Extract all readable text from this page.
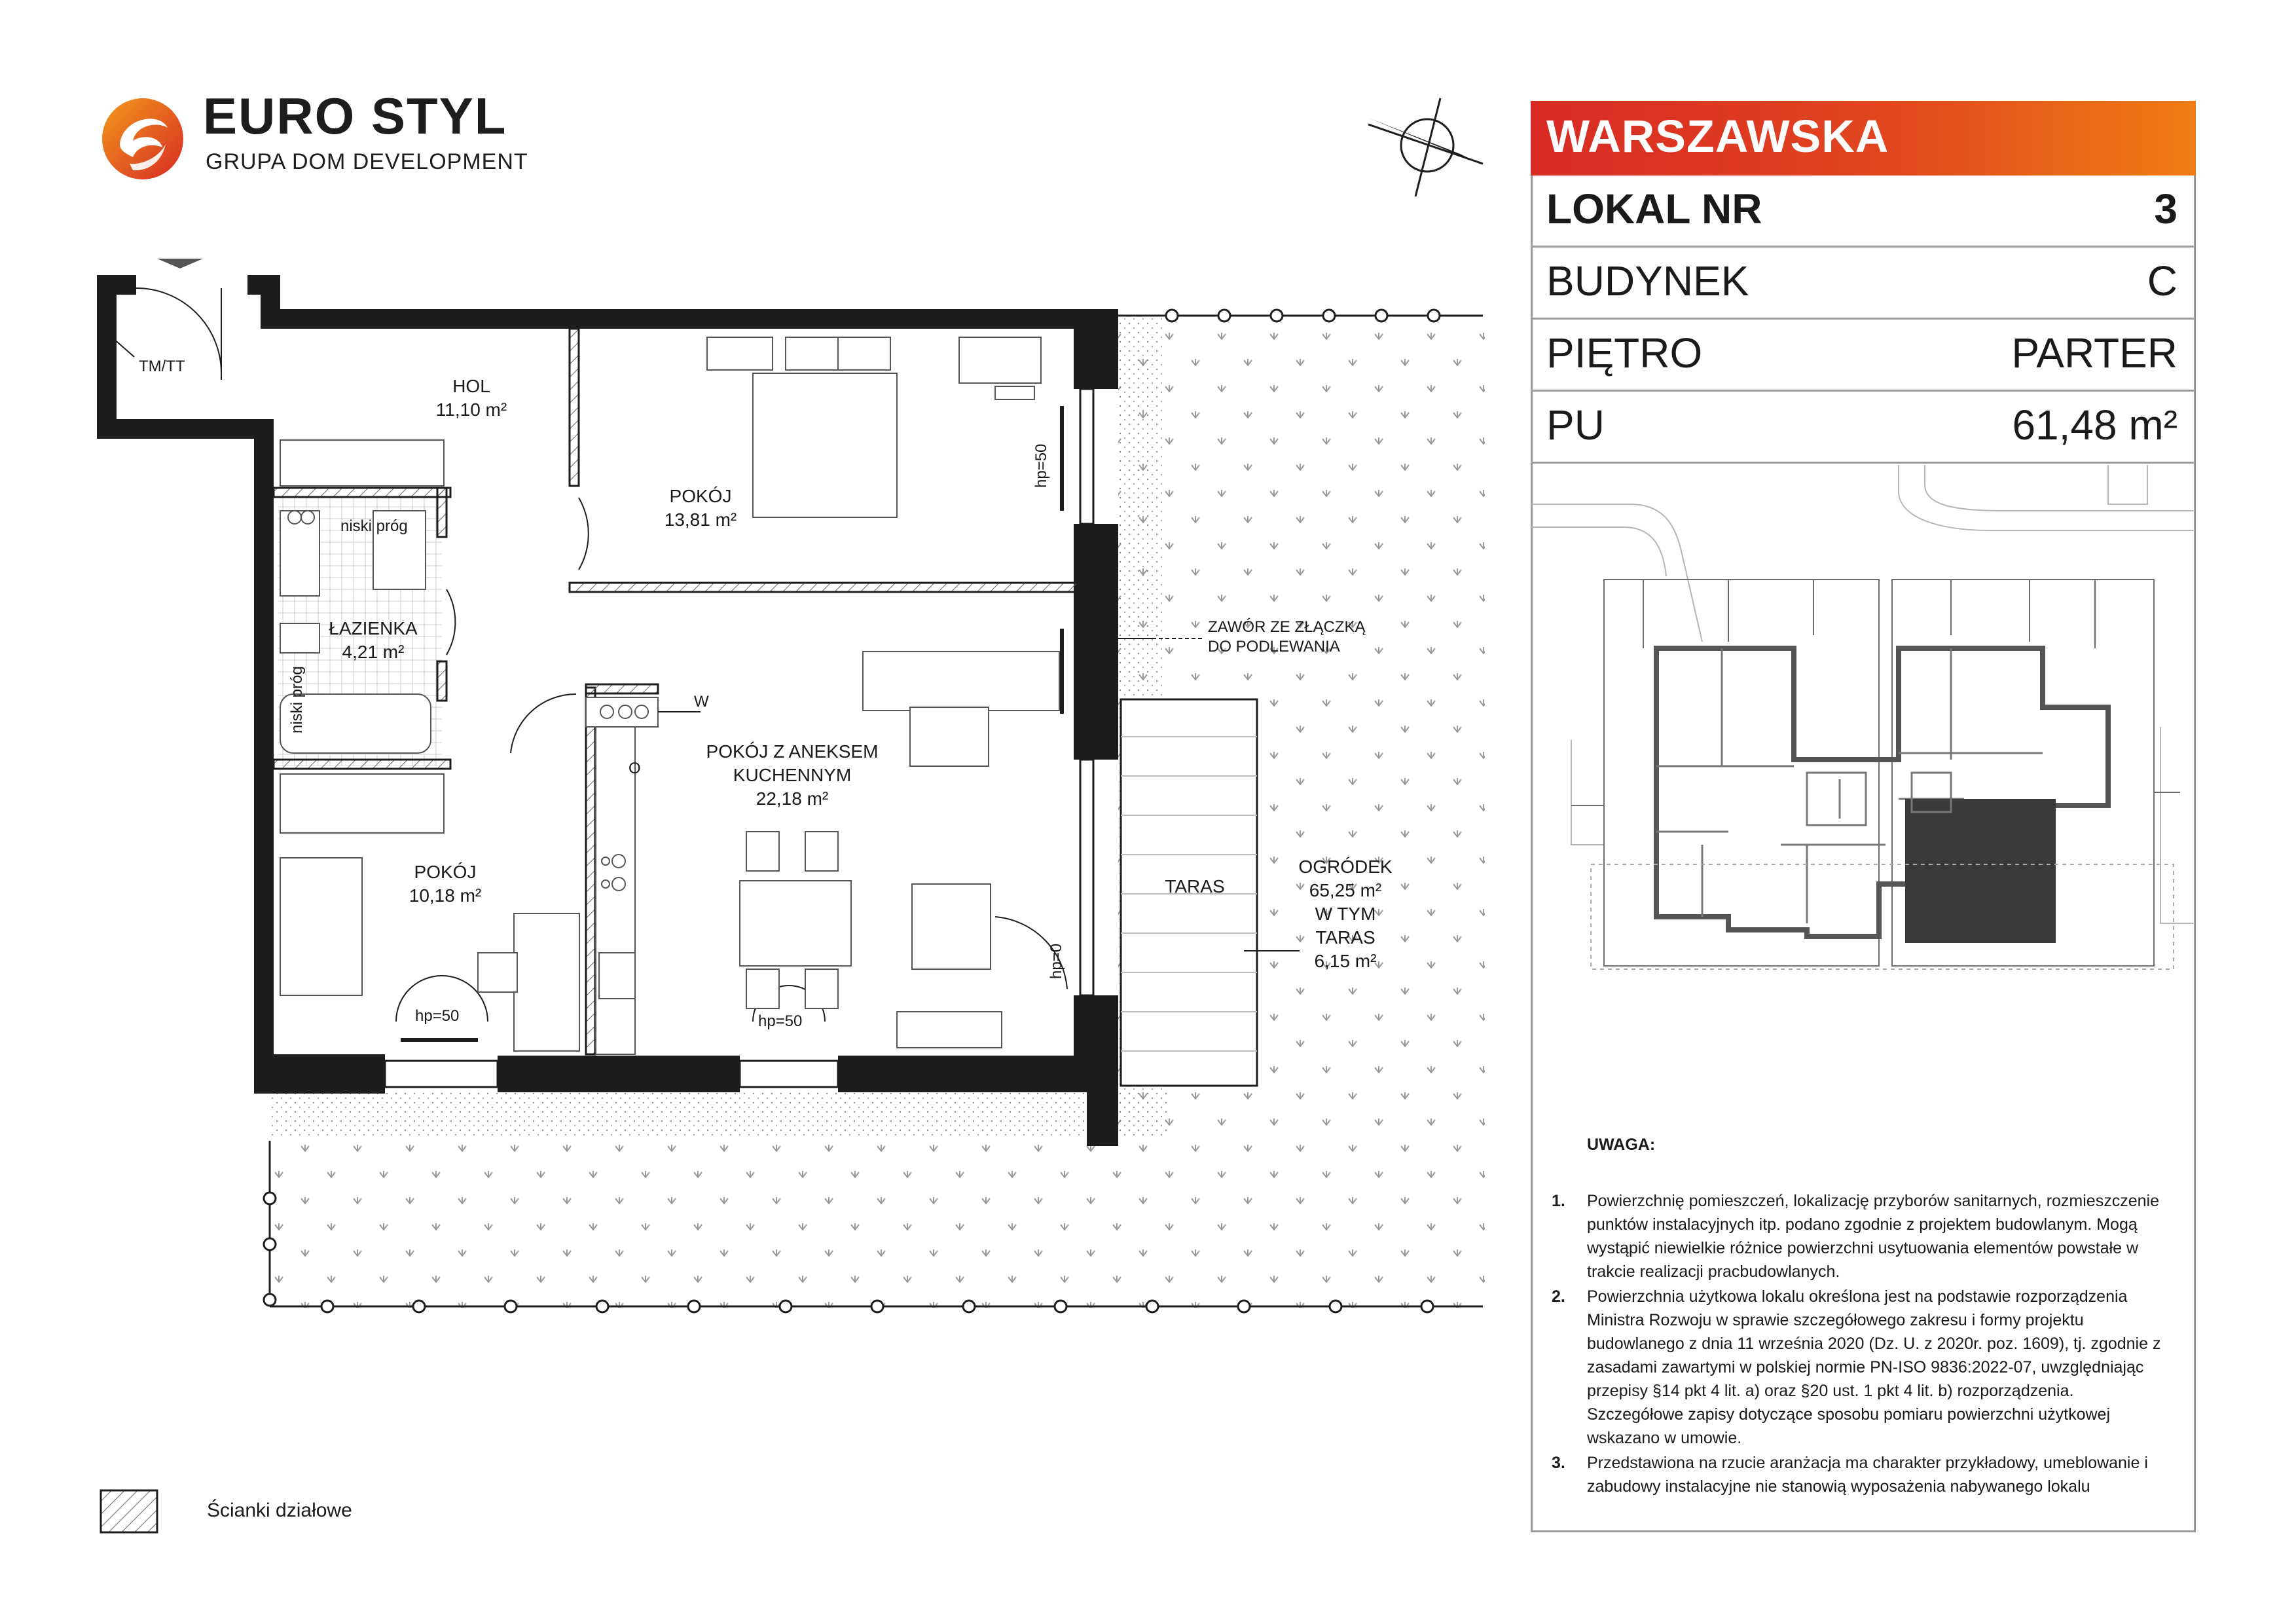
EURO STYL
GRUPA DOM DEVELOPMENT	WARSZAWSKA
LOKAL NR	3
BUDYNEK	C
PIĘTRO	PARTER
PU	61,48 m²
UWAGA:
1.	Powierzchnię pomieszczeń, lokalizację przyborów sanitarnych, rozmieszczenie punktów instalacyjnych itp. podano zgodnie z projektem budowlanym. Mogą wystąpić niewielkie różnice powierzchni usytuowania elementów powstałe w trakcie realizacji pracbudowlanych.
2.	Powierzchnia użytkowa lokalu określona jest na podstawie rozporządzenia Ministra Rozwoju w sprawie szczegółowego zakresu i formy projektu budowlanego z dnia 11 września 2020 (Dz. U. z 2020r. poz. 1609), tj. zgodnie z zasadami zawartymi w polskiej normie PN-ISO 9836:2022-07, uwzględniając przepisy §14 pkt 4 lit. a) oraz §20 ust. 1 pkt 4 lit. b) rozporządzenia. Szczegółowe zapisy dotyczące sposobu pomiaru powierzchni użytkowej wskazano w umowie.
3.	Przedstawiona na rzucie aranżacja ma charakter przykładowy, umeblowanie i zabudowy instalacyjne nie stanowią wyposażenia nabywanego lokalu
HOL
11,10 m²
POKÓJ
13,81 m²
ŁAZIENKA
4,21 m²
POKÓJ Z ANEKSEM
KUCHENNYM
22,18 m²
POKÓJ
10,18 m²	TARAS
OGRÓDEK
65,25 m²
W TYM
TARAS
6,15 m²
TM/TT
niski próg
niski próg
hp=50
hp=0
hp=50	hp=50
W
O
ZAWÓR ZE ZŁĄCZKĄ
DO PODLEWANIA
Ścianki działowe
